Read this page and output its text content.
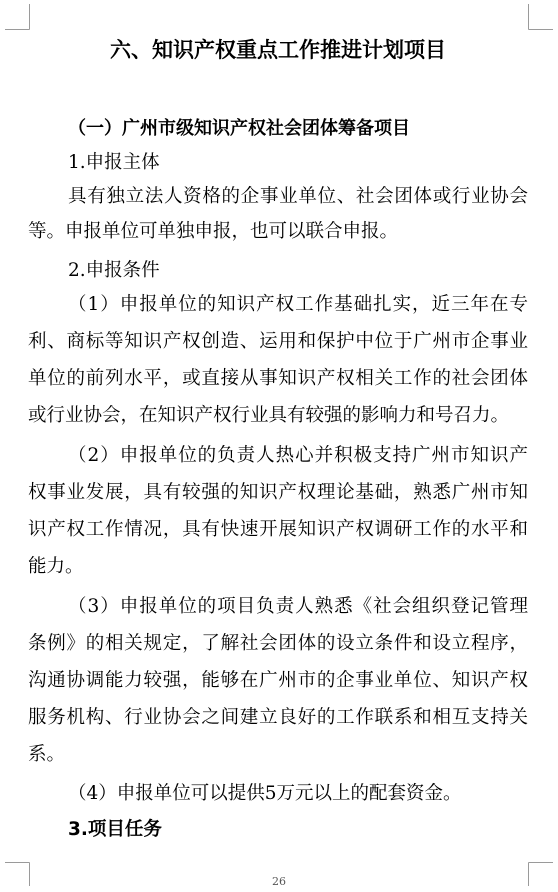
六、知识产权重点工作推进计划项目
（一）广州市级知识产权社会团体筹备项目
1.申报主体
具有独立法人资格的企事业单位、社会团体或行业协会
等。申报单位可单独申报，也可以联合申报。
2.申报条件
（1）申报单位的知识产权工作基础扎实，近三年在专
利、商标等知识产权创造、运用和保护中位于广州市企事业
单位的前列水平，或直接从事知识产权相关工作的社会团体
或行业协会，在知识产权行业具有较强的影响力和号召力。
（2）申报单位的负责人热心并积极支持广州市知识产
权事业发展，具有较强的知识产权理论基础，熟悉广州市知
识产权工作情况，具有快速开展知识产权调研工作的水平和
能力。
（3）申报单位的项目负责人熟悉《社会组织登记管理
条例》的相关规定，了解社会团体的设立条件和设立程序，
沟通协调能力较强，能够在广州市的企事业单位、知识产权
服务机构、行业协会之间建立良好的工作联系和相互支持关
系。
（4）申报单位可以提供5万元以上的配套资金。
3.项目任务
26
